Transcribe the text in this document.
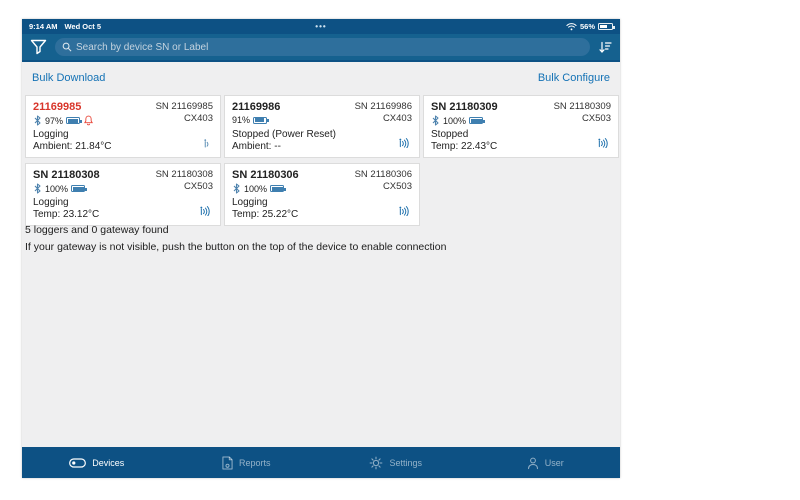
9:14 AM Wed Oct 5	•••	56%
Search by device SN or Label
Bulk Download	Bulk Configure
21169985
97%
SN 21169985
CX403
Logging
Ambient: 21.84°C
21169986
91%
SN 21169986
CX403
Stopped (Power Reset)
Ambient: --
SN 21180309
100%
SN 21180309
CX503
Stopped
Temp: 22.43°C
SN 21180308
100%
SN 21180308
CX503
Logging
Temp: 23.12°C
SN 21180306
100%
SN 21180306
CX503
Logging
Temp: 25.22°C
5 loggers and 0 gateway found
If your gateway is not visible, push the button on the top of the device to enable connection
Devices	Reports	Settings	User
